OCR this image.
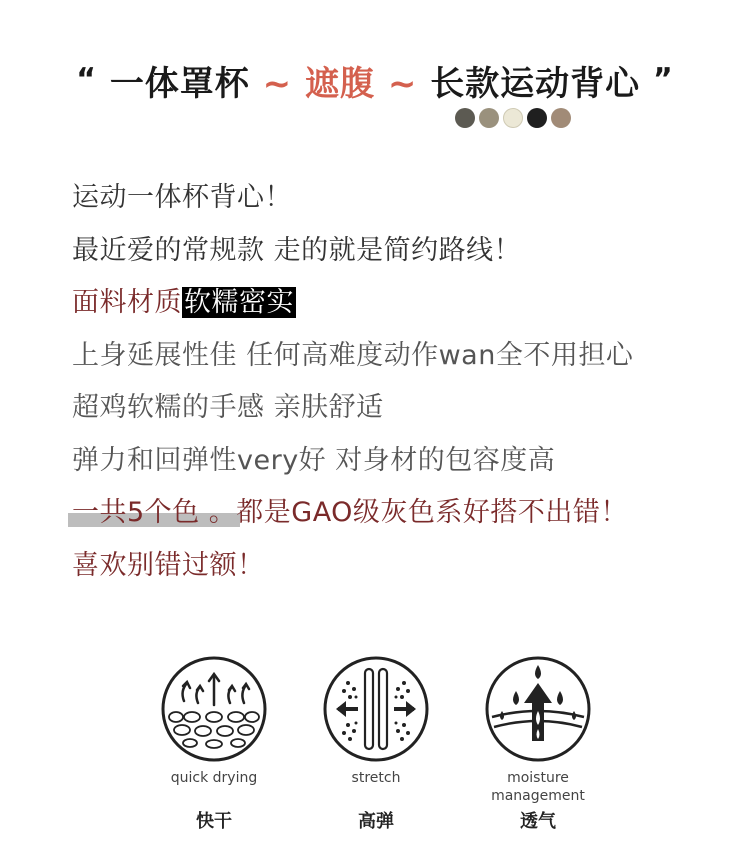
“ 一体罩杯 ~ 遮腹 ~ 长款运动背心 ”
运动一体杯背心！
最近爱的常规款 走的就是简约路线！
面料材质软糯密实
上身延展性佳 任何高难度动作wan全不用担心
超鸡软糯的手感 亲肤舒适
弹力和回弹性very好 对身材的包容度高
一共5个色 。都是GAO级灰色系好搭不出错！
喜欢别错过额！
quick drying
快干
stretch
高弹
moisture
management
透气
